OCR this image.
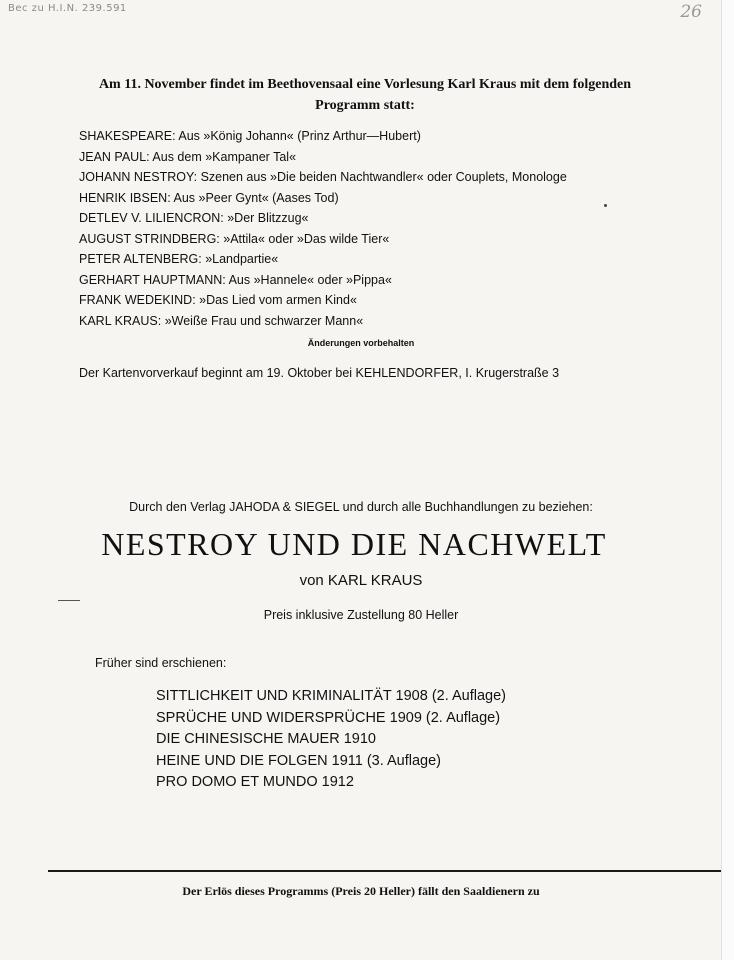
Bec zu H.I.N. 239.591	26
Am 11. November findet im Beethovensaal eine Vorlesung Karl Kraus mit dem folgenden
Programm statt:
SHAKESPEARE: Aus »König Johann« (Prinz Arthur—Hubert)
JEAN PAUL: Aus dem »Kampaner Tal«
JOHANN NESTROY: Szenen aus »Die beiden Nachtwandler« oder Couplets, Monologe
HENRIK IBSEN: Aus »Peer Gynt« (Aases Tod)
DETLEV V. LILIENCRON: »Der Blitzzug«
AUGUST STRINDBERG: »Attila« oder »Das wilde Tier«
PETER ALTENBERG: »Landpartie«
GERHART HAUPTMANN: Aus »Hannele« oder »Pippa«
FRANK WEDEKIND: »Das Lied vom armen Kind«
KARL KRAUS: »Weiße Frau und schwarzer Mann«
Änderungen vorbehalten
Der Kartenvorverkauf beginnt am 19. Oktober bei KEHLENDORFER, I. Krugerstraße 3
Durch den Verlag JAHODA & SIEGEL und durch alle Buchhandlungen zu beziehen:
NESTROY UND DIE NACHWELT
von KARL KRAUS
Preis inklusive Zustellung 80 Heller
Früher sind erschienen:
SITTLICHKEIT UND KRIMINALITÄT 1908 (2. Auflage)
SPRÜCHE UND WIDERSPRÜCHE 1909 (2. Auflage)
DIE CHINESISCHE MAUER 1910
HEINE UND DIE FOLGEN 1911 (3. Auflage)
PRO DOMO ET MUNDO 1912
Der Erlös dieses Programms (Preis 20 Heller) fällt den Saaldienern zu
